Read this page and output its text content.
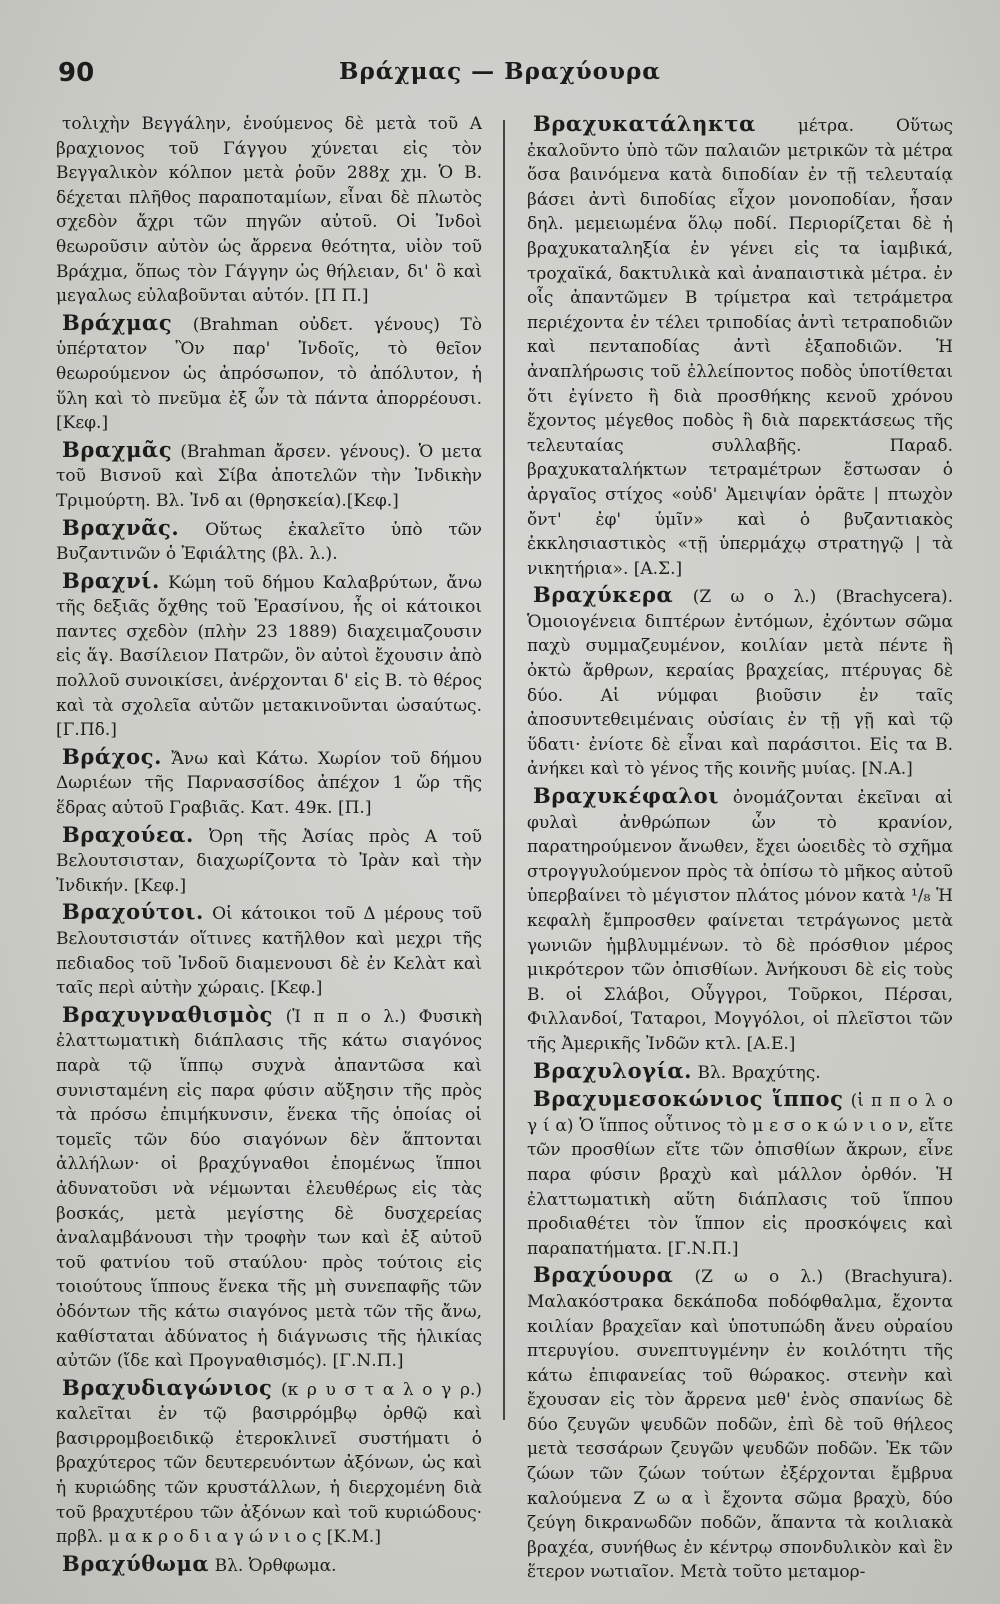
90	Βράχμας — Βραχύουρα

τολιχὴν Βεγγάλην, ἑνούμενος δὲ μετὰ τοῦ Α βραχιονος τοῦ Γάγγου χύνεται εἰς τὸν Βεγγαλικὸν κόλπον μετὰ ῥοῦν 288χ χμ. Ὁ Β. δέχεται πλῆθος παραποταμίων, εἶναι δὲ πλωτὸς σχεδὸν ἄχρι τῶν πηγῶν αὐτοῦ. Οἱ Ἰνδοὶ θεωροῦσιν αὐτὸν ὡς ἄρρενα θεότητα, υἱὸν τοῦ Βράχμα, ὅπως τὸν Γάγγην ὡς θήλειαν, δι' ὃ καὶ μεγαλως εὐλαβοῦνται αὐτόν. [Π Π.]

Βράχμας (Brahman οὐδετ. γένους) Τὸ ὑπέρτατον Ὂν παρ' Ἰνδοῖς, τὸ θεῖον θεωρούμενον ὡς ἀπρόσωπον, τὸ ἀπόλυτον, ἡ ὕλη καὶ τὸ πνεῦμα ἐξ ὧν τὰ πάντα ἀπορρέουσι.[Κεφ.]

Βραχμᾶς (Brahman ἄρσεν. γένους). Ὁ μετα τοῦ Βισνοῦ καὶ Σίβα ἀποτελῶν τὴν Ἰνδικὴν Τριμούρτη. Βλ. Ἰνδ αι (θρησκεία).[Κεφ.]

Βραχνᾶς. Οὕτως ἐκαλεῖτο ὑπὸ τῶν Βυζαντινῶν ὁ Ἐφιάλτης (βλ. λ.).

Βραχνί. Κώμη τοῦ δήμου Καλαβρύτων, ἄνω τῆς δεξιᾶς ὄχθης τοῦ Ἐρασίνου, ἧς οἱ κάτοικοι παντες σχεδὸν (πλὴν 23 1889) διαχειμαζουσιν εἰς ἅγ. Βασίλειον Πατρῶν, ὃν αὐτοὶ ἔχουσιν ἀπὸ πολλοῦ συνοικίσει, ἀνέρχονται δ' εἰς Β. τὸ θέρος καὶ τὰ σχολεῖα αὐτῶν μετακινοῦνται ὡσαύτως. [Γ.Πδ.]

Βράχος. Ἄνω καὶ Κάτω. Χωρίον τοῦ δήμου Δωριέων τῆς Παρνασσίδος ἀπέχον 1 ὥρ τῆς ἕδρας αὐτοῦ Γραβιᾶς. Κατ. 49κ. [Π.]

Βραχούεα. Ὀρη τῆς Ἀσίας πρὸς Α τοῦ Βελουτσισταν, διαχωρίζοντα τὸ Ἰρὰν καὶ τὴν Ἰνδικήν. [Κεφ.]

Βραχούτοι. Οἱ κάτοικοι τοῦ Δ μέρους τοῦ Βελουτσιστάν οἵτινες κατῆλθον καὶ μεχρι τῆς πεδιαδος τοῦ Ἰνδοῦ διαμενουσι δὲ ἐν Κελὰτ καὶ ταῖς περὶ αὐτὴν χώραις. [Κεφ.]

Βραχυγναθισμὸς (Ἱ π π ο λ.) Φυσικὴ ἐλαττωματικὴ διάπλασις τῆς κάτω σιαγόνος παρὰ τῷ ἵππῳ συχνὰ ἀπαντῶσα καὶ συνισταμένη εἰς παρα φύσιν αὔξησιν τῆς πρὸς τὰ πρόσω ἐπιμήκυνσιν, ἕνεκα τῆς ὁποίας οἱ τομεῖς τῶν δύο σιαγόνων δὲν ἅπτονται ἀλλήλων· οἱ βραχύγναθοι ἐπομένως ἵπποι ἀδυνατοῦσι νὰ νέμωνται ἐλευθέρως εἰς τὰς βοσκάς, μετὰ μεγίστης δὲ δυσχερείας ἀναλαμβάνουσι τὴν τροφὴν των καὶ ἐξ αὐτοῦ τοῦ φατνίου τοῦ σταύλου· πρὸς τούτοις εἰς τοιούτους ἵππους ἕνεκα τῆς μὴ συνεπαφῆς τῶν ὀδόντων τῆς κάτω σιαγόνος μετὰ τῶν τῆς ἄνω, καθίσταται ἀδύνατος ἡ διάγνωσις τῆς ἡλικίας αὐτῶν (ἴδε καὶ Προγναθισμός). [Γ.Ν.Π.]

Βραχυδιαγώνιος (κ ρ υ σ τ α λ ο γ ρ.) καλεῖται ἐν τῷ βασιρρόμβῳ ὀρθῷ καὶ βασιρρομβοειδικῷ ἑτεροκλινεῖ συστήματι ὁ βραχύτερος τῶν δευτερευόντων ἀξόνων, ὡς καὶ ἡ κυριώδης τῶν κρυστάλλων, ἡ διερχομένη διὰ τοῦ βραχυτέρου τῶν ἀξόνων καὶ τοῦ κυριώδους· πρβλ. μ α κ ρ ο δ ι α γ ώ ν ι ο ς [Κ.Μ.]

Βραχύθωμα Βλ. Ὀρθφωμα.

Βραχυκατάληκτα μέτρα. Οὕτως ἐκαλοῦντο ὑπὸ τῶν παλαιῶν μετρικῶν τὰ μέτρα ὅσα βαινόμενα κατὰ διποδίαν ἐν τῇ τελευταίᾳ βάσει ἀντὶ διποδίας εἶχον μονοποδίαν, ἦσαν δηλ. μεμειωμένα ὅλῳ ποδί. Περιορίζεται δὲ ἡ βραχυκαταληξία ἐν γένει εἰς τα ἰαμβικά, τροχαϊκά, δακτυλικὰ καὶ ἀναπαιστικὰ μέτρα. ἐν οἷς ἀπαντῶμεν Β τρίμετρα καὶ τετράμετρα περιέχοντα ἐν τέλει τριποδίας ἀντὶ τετραποδιῶν καὶ πενταποδίας ἀντὶ ἑξαποδιῶν. Ἡ ἀναπλήρωσις τοῦ ἐλλείποντος ποδὸς ὑποτίθεται ὅτι ἐγίνετο ἢ διὰ προσθήκης κενοῦ χρόνου ἔχοντος μέγεθος ποδὸς ἢ διὰ παρεκτάσεως τῆς τελευταίας συλλαβῆς. Παραδ. βραχυκαταλήκτων τετραμέτρων ἔστωσαν ὁ ἀργαῖος στίχος «οὐδ' Ἀμειψίαν ὁρᾶτε | πτωχὸν ὄντ' ἐφ' ὑμῖν» καὶ ὁ βυζαντιακὸς ἐκκλησιαστικὸς «τῇ ὑπερμάχῳ στρατηγῷ | τὰ νικητήρια». [Α.Σ.]

Βραχύκερα (Ζ ω ο λ.) (Brachycera). Ὁμοιογένεια διπτέρων ἐντόμων, ἐχόντων σῶμα παχὺ συμμαζευμένον, κοιλίαν μετὰ πέντε ἢ ὀκτὼ ἄρθρων, κεραίας βραχείας, πτέρυγας δὲ δύο. Αἱ νύμφαι βιοῦσιν ἐν ταῖς ἀποσυντεθειμέναις οὐσίαις ἐν τῇ γῇ καὶ τῷ ὕδατι· ἐνίοτε δὲ εἶναι καὶ παράσιτοι. Εἰς τα Β. ἀνήκει καὶ τὸ γένος τῆς κοινῆς μυίας. [Ν.Α.]

Βραχυκέφαλοι ὀνομάζονται ἐκεῖναι αἱ φυλαὶ ἀνθρώπων ὧν τὸ κρανίον, παρατηρούμενον ἄνωθεν, ἔχει ὠοειδὲς τὸ σχῆμα στρογγυλούμενον πρὸς τὰ ὀπίσω τὸ μῆκος αὐτοῦ ὑπερβαίνει τὸ μέγιστον πλάτος μόνον κατὰ ¹/₈ Ἡ κεφαλὴ ἔμπροσθεν φαίνεται τετράγωνος μετὰ γωνιῶν ἡμβλυμμένων. τὸ δὲ πρόσθιον μέρος μικρότερον τῶν ὀπισθίων. Ἀνήκουσι δὲ εἰς τοὺς Β. οἱ Σλάβοι, Οὗγγροι, Τοῦρκοι, Πέρσαι, Φιλλανδοί, Ταταροι, Μογγόλοι, οἱ πλεῖστοι τῶν τῆς Ἀμερικῆς Ἰνδῶν κτλ. [Α.Ε.]

Βραχυλογία. Βλ. Βραχύτης.

Βραχυμεσοκώνιος ἵππος (ἱ π π ο λ ο γ ί α) Ὁ ἵππος οὗτινος τὸ μ ε σ ο κ ώ ν ι ο ν, εἴτε τῶν προσθίων εἴτε τῶν ὀπισθίων ἄκρων, εἶνε παρα φύσιν βραχὺ καὶ μάλλον ὀρθόν. Ἡ ἐλαττωματικὴ αὕτη διάπλασις τοῦ ἵππου προδιαθέτει τὸν ἵππον εἰς προσκόψεις καὶ παραπατήματα. [Γ.Ν.Π.]

Βραχύουρα (Ζ ω ο λ.) (Brachyura). Μαλακόστρακα δεκάποδα ποδόφθαλμα, ἔχοντα κοιλίαν βραχεῖαν καὶ ὑποτυπώδη ἄνευ οὐραίου πτερυγίου. συνεπτυγμένην ἐν κοιλότητι τῆς κάτω ἐπιφανείας τοῦ θώρακος. στενὴν καὶ ἔχουσαν εἰς τὸν ἄρρενα μεθ' ἑνὸς σπανίως δὲ δύο ζευγῶν ψευδῶν ποδῶν, ἐπὶ δὲ τοῦ θήλεος μετὰ τεσσάρων ζευγῶν ψευδῶν ποδῶν. Ἐκ τῶν ζώων τῶν ζώων τούτων ἐξέρχονται ἔμβρυα καλούμενα Ζ ω α ὶ ἔχοντα σῶμα βραχὺ, δύο ζεύγη δικρανωδῶν ποδῶν, ἅπαντα τὰ κοιλιακὰ βραχέα, συνήθως ἐν κέντρῳ σπονδυλικὸν καὶ ἓν ἕτερον νωτιαῖον. Μετὰ τοῦτο μεταμορ-
